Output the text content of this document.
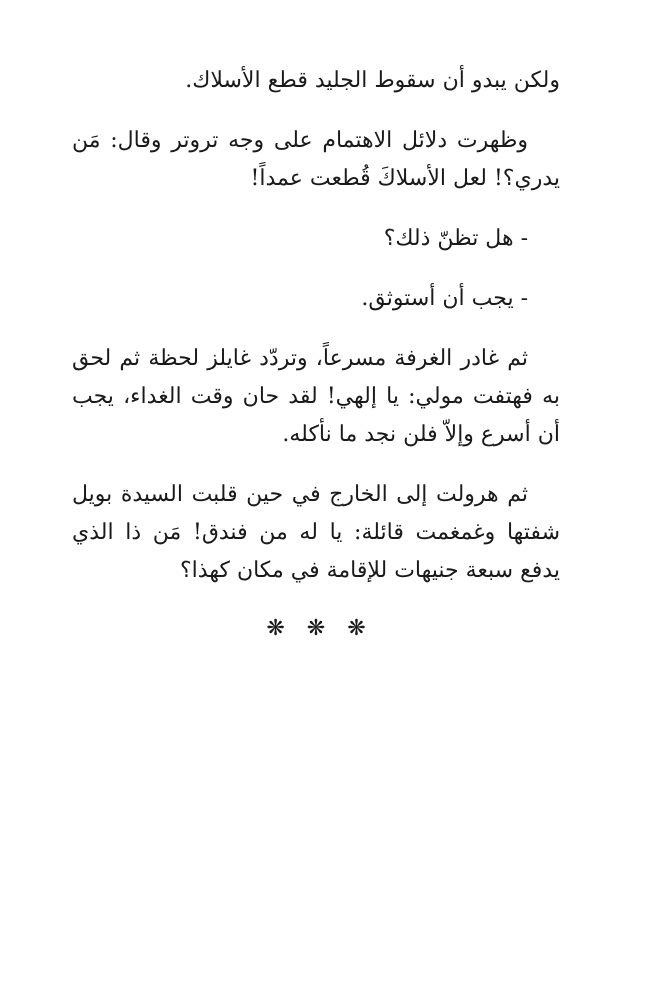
ولكن يبدو أن سقوط الجليد قطع الأسلاك.

وظهرت دلائل الاهتمام على وجه تروتر وقال: مَن يدري؟! لعل الأسلاكَ قُطعت عمداً!

- هل تظنّ ذلك؟

- يجب أن أستوثق.

ثم غادر الغرفة مسرعاً، وتردّد غايلز لحظة ثم لحق به فهتفت مولي: يا إلهي! لقد حان وقت الغداء، يجب أن أسرع وإلاّ فلن نجد ما نأكله.

ثم هرولت إلى الخارج في حين قلبت السيدة بويل شفتها وغمغمت قائلة: يا له من فندق! مَن ذا الذي يدفع سبعة جنيهات للإقامة في مكان كهذا؟

❋❋❋
